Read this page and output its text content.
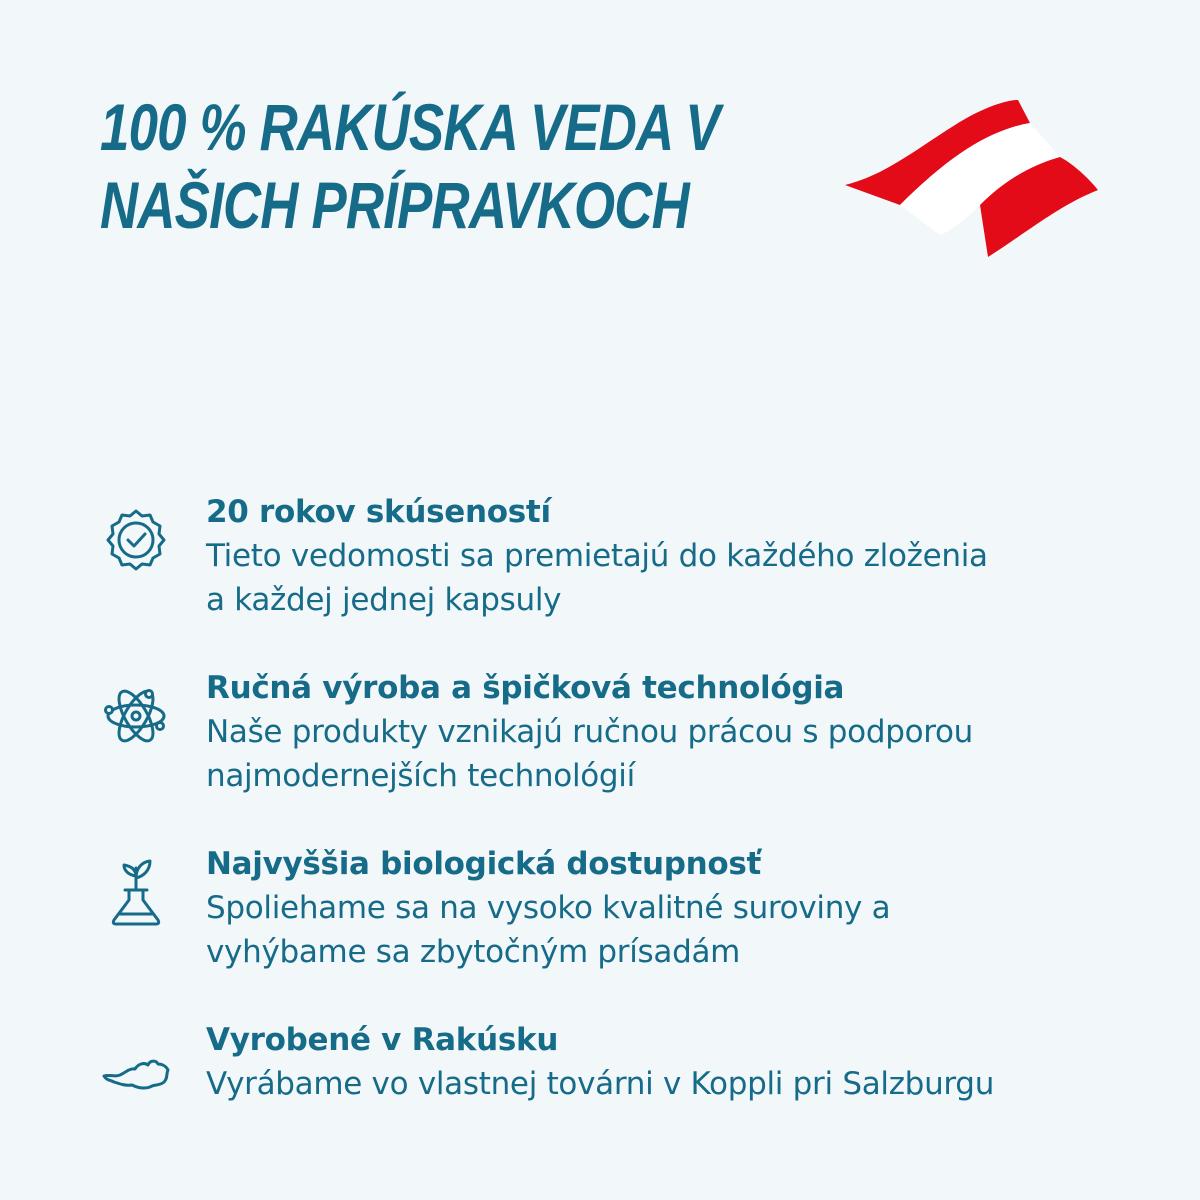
100 % RAKÚSKA VEDA V
NAŠICH PRÍPRAVKOCH

20 rokov skúseností

Tieto vedomosti sa premietajú do každého zloženia

a každej jednej kapsuly

Ručná výroba a špičková technológia

Naše produkty vznikajú ručnou prácou s podporou

najmodernejších technológií

Najvyššia biologická dostupnosť

Spoliehame sa na vysoko kvalitné suroviny a

vyhýbame sa zbytočným prísadám

Vyrobené v Rakúsku

Vyrábame vo vlastnej továrni v Koppli pri Salzburgu
